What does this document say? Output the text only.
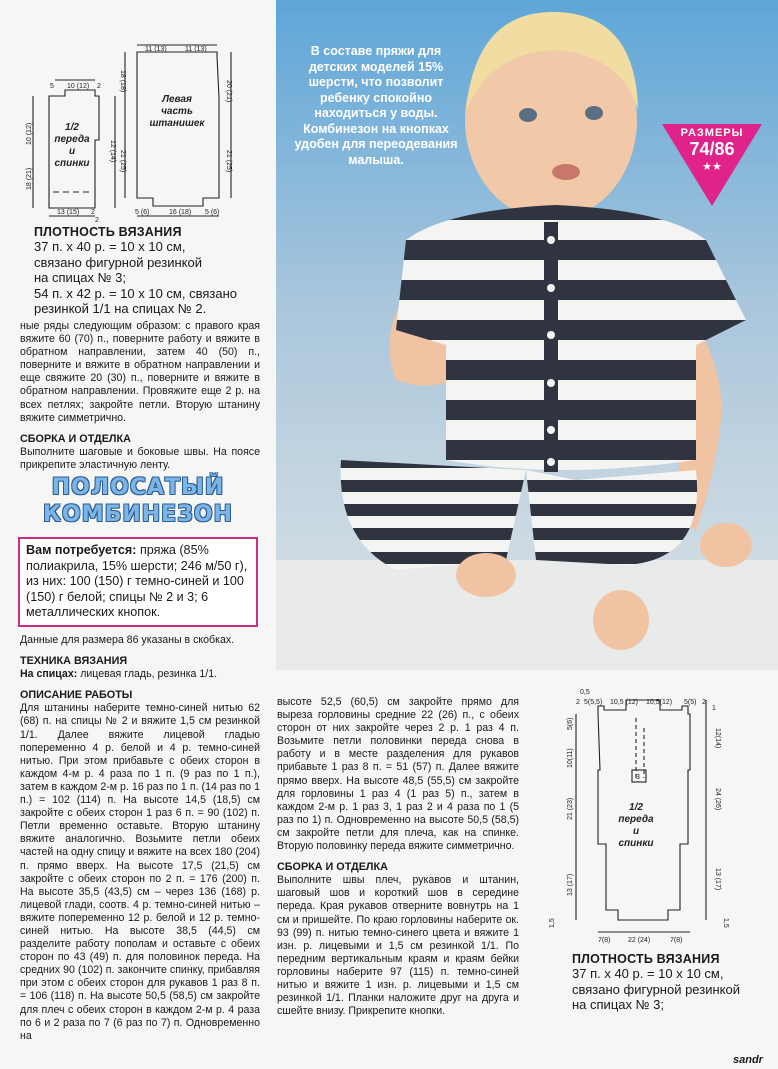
11 (13)	11 (13)
5 10 (12) 2
10 (12)
12 (14)
18 (21)
18 (18)	20 (21)
21 (25)	21 (25)
13 (15) 2	5 (6)	16 (18) 5 (6)
2
1/2
переда
и
спинки
Левая
часть
штанишек
ПЛОТНОСТЬ ВЯЗАНИЯ
37 п. x 40 р. = 10 x 10 см,
связано фигурной резинкой
на спицах № 3;
54 п. x 42 р. = 10 x 10 см, связано
резинкой 1/1 на спицах № 2.

ные ряды следующим образом: с правого края вяжите 60 (70) п., поверните работу и вяжите в обратном направлении, затем 40 (50) п., поверните и вяжите в обратном направлении и еще свяжите 20 (30) п., поверните и вяжите в обратном направлении. Провяжите еще 2 р. на всех петлях; закройте петли. Вторую штанину вяжите симметрично.

СБОРКА И ОТДЕЛКА

Выполните шаговые и боковые швы. На поясе прикрепите эластичную ленту.

ПОЛОСАТЫЙ
КОМБИНЕЗОН
Вам потребуется: пряжа (85% полиакрила, 15% шерсти; 246 м/50 г), из них: 100 (150) г темно-синей и 100 (150) г белой; спицы № 2 и 3; 6 металлических кнопок.

Данные для размера 86 указаны в скобках.

ТЕХНИКА ВЯЗАНИЯ

На спицах: лицевая гладь, резинка 1/1.

ОПИСАНИЕ РАБОТЫ

Для штанины наберите темно-синей нитью 62 (68) п. на спицы № 2 и вяжите 1,5 см резинкой 1/1. Далее вяжите лицевой гладью попеременно 4 р. белой и 4 р. темно-синей нитью. При этом прибавьте с обеих сторон в каждом 4-м р. 4 раза по 1 п. (9 раз по 1 п.), затем в каждом 2-м р. 16 раз по 1 п. (14 раз по 1 п.) = 102 (114) п. На высоте 14,5 (18,5) см закройте с обеих сторон 1 раз 6 п. = 90 (102) п. Петли временно оставьте. Вторую штанину вяжите аналогично. Возьмите петли обеих частей на одну спицу и вяжите на всех 180 (204) п. прямо вверх. На высоте 17,5 (21,5) см закройте с обеих сторон по 2 п. = 176 (200) п. На высоте 35,5 (43,5) см – через 136 (168) р. лицевой глади, соотв. 4 р. темно-синей нитью – вяжите попеременно 12 р. белой и 12 р. темно-синей нитью. На высоте 38,5 (44,5) см разделите работу пополам и оставьте с обеих сторон по 43 (49) п. для половинок переда. На средних 90 (102) п. закончите спинку, прибавляя при этом с обеих сторон для рукавов 1 раз 8 п. = 106 (118) п. На высоте 50,5 (58,5) см закройте для плеч с обеих сторон в каждом 2-м р. 4 раза по 6 и 2 раза по 7 (6 раз по 7) п. Одновременно на

В составе пряжи для детских моделей 15% шерсти, что позволит ребенку спокойно находиться у воды. Комбинезон на кнопках удобен для переодевания малыша.
РАЗМЕРЫ
74/86
★★

высоте 52,5 (60,5) см закройте прямо для выреза горловины средние 22 (26) п., с обеих сторон от них закройте через 2 р. 1 раз 4 п. Возьмите петли половинки переда снова в работу и в месте разделения для рукавов прибавьте 1 раз 8 п. = 51 (57) п. Далее вяжите прямо вверх. На высоте 48,5 (55,5) см закройте для горловины 1 раз 4 (1 раз 5) п., затем в каждом 2-м р. 1 раз 3, 1 раз 2 и 4 раза по 1 (5 раз по 1) п. Одновременно на высоте 50,5 (58,5) см закройте петли для плеча, как на спинке. Вторую половинку переда вяжите симметрично.

СБОРКА И ОТДЕЛКА

Выполните швы плеч, рукавов и штанин, шаговый шов и короткий шов в середине переда. Края рукавов отверните вовнутрь на 1 см и пришейте. По краю горловины наберите ок. 93 (99) п. нитью темно-синего цвета и вяжите 1 изн. р. лицевыми и 1,5 см резинкой 1/1. По передним вертикальным краям и краям бейки горловины наберите 97 (115) п. темно-синей нитью и вяжите 1 изн. р. лицевыми и 1,5 см резинкой 1/1. Планки наложите друг на друга и сшейте внизу. Прикрепите кнопки.

0,5
2 5(5,5) 10,5 (12) 10,5(12) 5(5) 2
10(11)
5(6)
1
12(14)
3
21 (23)	24 (26)
13 (17)	13 (17)
1,5	1,5
7(8)	22 (24)	7(8)
1/2
переда
и
спинки
ПЛОТНОСТЬ ВЯЗАНИЯ
37 п. x 40 р. = 10 x 10 см,
связано фигурной резинкой
на спицах № 3;
sandr
